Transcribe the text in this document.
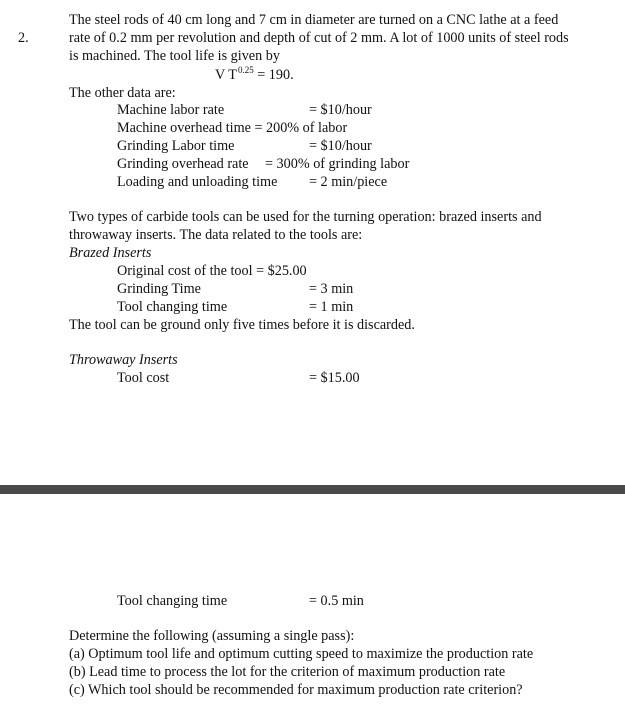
2.
The steel rods of 40 cm long and 7 cm in diameter are turned on a CNC lathe at a feed
rate of 0.2 mm per revolution and depth of cut of 2 mm. A lot of 1000 units of steel rods
is machined. The tool life is given by
V $T^{0.25} = 190$.
The other data are:
Machine labor rate	= $10/hour
Machine overhead time = 200% of labor
Grinding Labor time	= $10/hour
Grinding overhead rate = 300% of grinding labor
Loading and unloading time = 2 min/piece
Two types of carbide tools can be used for the turning operation: brazed inserts and
throwaway inserts. The data related to the tools are:
Brazed Inserts
Original cost of the tool = $25.00
Grinding Time	= 3 min
Tool changing time	= 1 min
The tool can be ground only five times before it is discarded.
Throwaway Inserts
Tool cost	= $15.00
Tool changing time	= 0.5 min
Determine the following (assuming a single pass):
(a) Optimum tool life and optimum cutting speed to maximize the production rate
(b) Lead time to process the lot for the criterion of maximum production rate
(c) Which tool should be recommended for maximum production rate criterion?
